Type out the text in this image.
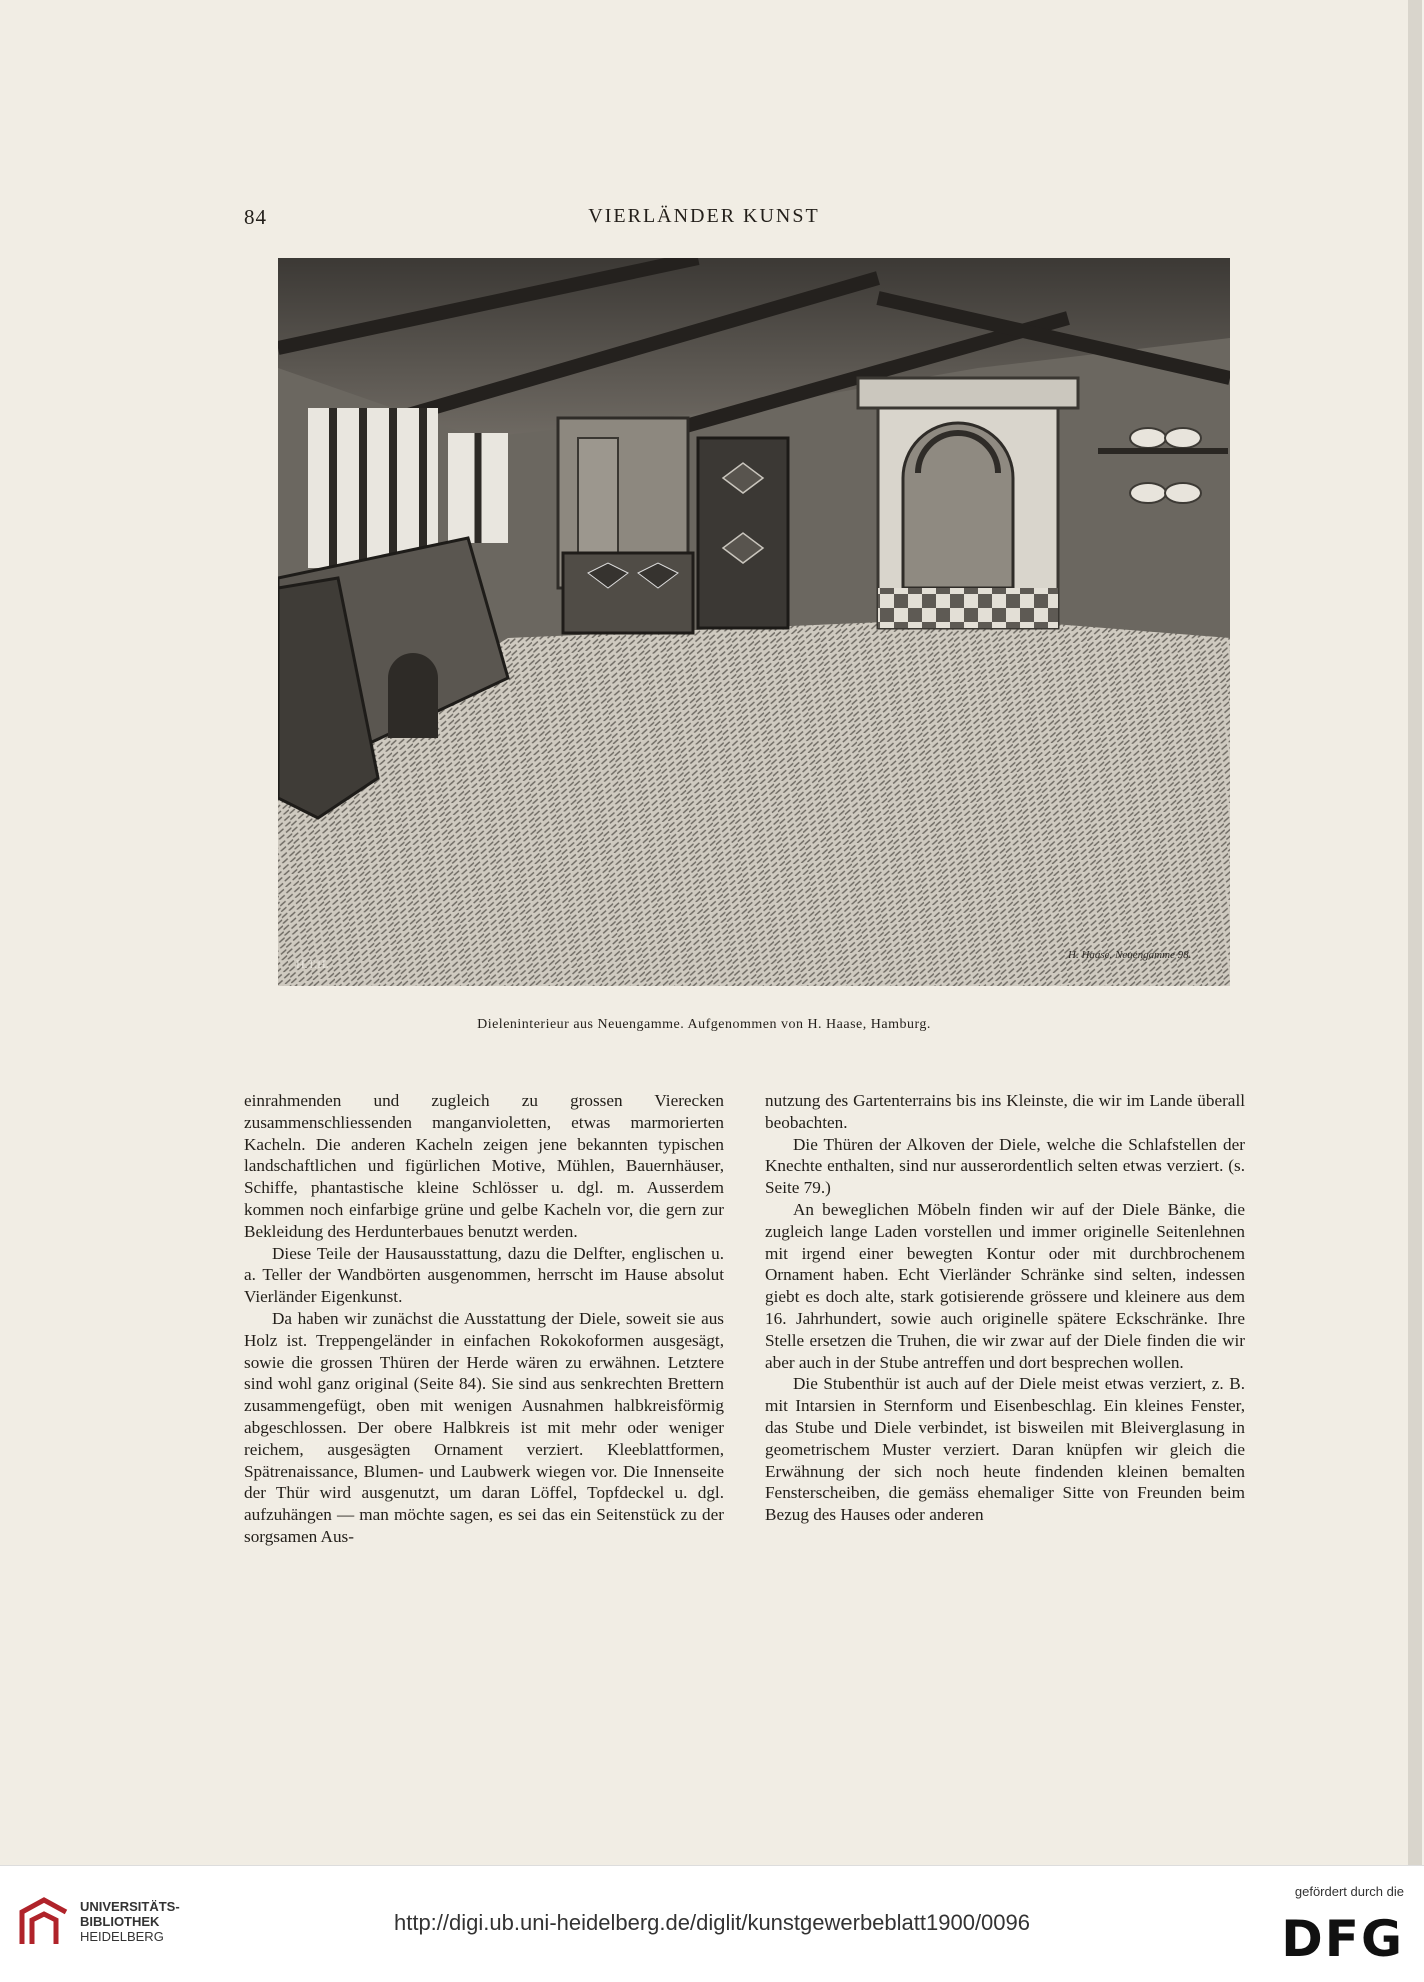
84	VIERLÄNDER KUNST
H.T.H.
H. Haase. Neuengamme 98.
Dieleninterieur aus Neuengamme. Aufgenommen von H. Haase, Hamburg.

einrahmenden und zugleich zu grossen Vierecken zusammenschliessenden manganvioletten, etwas marmorierten Kacheln. Die anderen Kacheln zeigen jene bekannten typischen landschaftlichen und figürlichen Motive, Mühlen, Bauernhäuser, Schiffe, phantastische kleine Schlösser u. dgl. m. Ausserdem kommen noch einfarbige grüne und gelbe Kacheln vor, die gern zur Bekleidung des Herdunterbaues benutzt werden.

Diese Teile der Hausausstattung, dazu die Delfter, englischen u. a. Teller der Wandbörten ausgenommen, herrscht im Hause absolut Vierländer Eigenkunst.

Da haben wir zunächst die Ausstattung der Diele, soweit sie aus Holz ist. Treppengeländer in einfachen Rokokoformen ausgesägt, sowie die grossen Thüren der Herde wären zu erwähnen. Letztere sind wohl ganz original (Seite 84). Sie sind aus senkrechten Brettern zusammengefügt, oben mit wenigen Ausnahmen halbkreisförmig abgeschlossen. Der obere Halbkreis ist mit mehr oder weniger reichem, ausgesägten Ornament verziert. Kleeblattformen, Spätrenaissance, Blumen- und Laubwerk wiegen vor. Die Innenseite der Thür wird ausgenutzt, um daran Löffel, Topfdeckel u. dgl. aufzuhängen — man möchte sagen, es sei das ein Seitenstück zu der sorgsamen Aus-

nutzung des Gartenterrains bis ins Kleinste, die wir im Lande überall beobachten.

Die Thüren der Alkoven der Diele, welche die Schlafstellen der Knechte enthalten, sind nur ausserordentlich selten etwas verziert. (s. Seite 79.)

An beweglichen Möbeln finden wir auf der Diele Bänke, die zugleich lange Laden vorstellen und immer originelle Seitenlehnen mit irgend einer bewegten Kontur oder mit durchbrochenem Ornament haben. Echt Vierländer Schränke sind selten, indessen giebt es doch alte, stark gotisierende grössere und kleinere aus dem 16. Jahrhundert, sowie auch originelle spätere Eckschränke. Ihre Stelle ersetzen die Truhen, die wir zwar auf der Diele finden die wir aber auch in der Stube antreffen und dort besprechen wollen.

Die Stubenthür ist auch auf der Diele meist etwas verziert, z. B. mit Intarsien in Sternform und Eisenbeschlag. Ein kleines Fenster, das Stube und Diele verbindet, ist bisweilen mit Bleiverglasung in geometrischem Muster verziert. Daran knüpfen wir gleich die Erwähnung der sich noch heute findenden kleinen bemalten Fensterscheiben, die gemäss ehemaliger Sitte von Freunden beim Bezug des Hauses oder anderen

UNIVERSITÄTS-
BIBLIOTHEK
HEIDELBERG
http://digi.ub.uni-heidelberg.de/diglit/kunstgewerbeblatt1900/0096
gefördert durch die
DFG
